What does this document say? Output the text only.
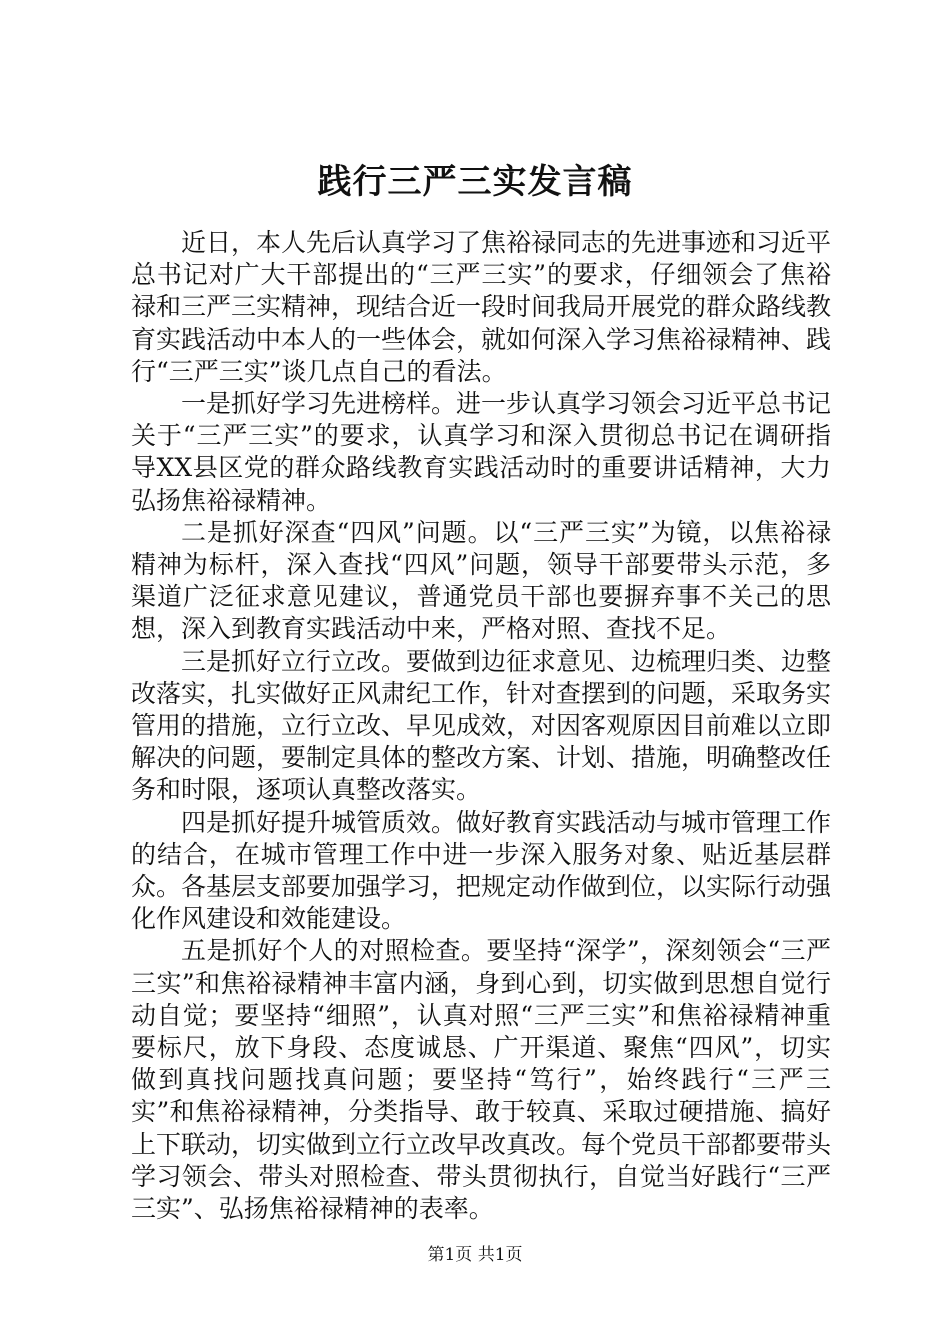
践行三严三实发言稿

近日，本人先后认真学习了焦裕禄同志的先进事迹和习近平总书记对广大干部提出的“三严三实”的要求，仔细领会了焦裕禄和三严三实精神，现结合近一段时间我局开展党的群众路线教育实践活动中本人的一些体会，就如何深入学习焦裕禄精神、践行“三严三实”谈几点自己的看法。

一是抓好学习先进榜样。进一步认真学习领会习近平总书记关于“三严三实”的要求，认真学习和深入贯彻总书记在调研指导XX县区党的群众路线教育实践活动时的重要讲话精神，大力弘扬焦裕禄精神。

二是抓好深查“四风”问题。以“三严三实”为镜，以焦裕禄精神为标杆，深入查找“四风”问题，领导干部要带头示范，多渠道广泛征求意见建议，普通党员干部也要摒弃事不关己的思想，深入到教育实践活动中来，严格对照、查找不足。

三是抓好立行立改。要做到边征求意见、边梳理归类、边整改落实，扎实做好正风肃纪工作，针对查摆到的问题，采取务实管用的措施，立行立改、早见成效，对因客观原因目前难以立即解决的问题，要制定具体的整改方案、计划、措施，明确整改任务和时限，逐项认真整改落实。

四是抓好提升城管质效。做好教育实践活动与城市管理工作的结合，在城市管理工作中进一步深入服务对象、贴近基层群众。各基层支部要加强学习，把规定动作做到位，以实际行动强化作风建设和效能建设。

五是抓好个人的对照检查。要坚持“深学”，深刻领会“三严三实”和焦裕禄精神丰富内涵，身到心到，切实做到思想自觉行动自觉；要坚持“细照”，认真对照“三严三实”和焦裕禄精神重要标尺，放下身段、态度诚恳、广开渠道、聚焦“四风”，切实做到真找问题找真问题；要坚持“笃行”，始终践行“三严三实”和焦裕禄精神，分类指导、敢于较真、采取过硬措施、搞好上下联动，切实做到立行立改早改真改。每个党员干部都要带头学习领会、带头对照检查、带头贯彻执行，自觉当好践行“三严三实”、弘扬焦裕禄精神的表率。

第1页 共1页
